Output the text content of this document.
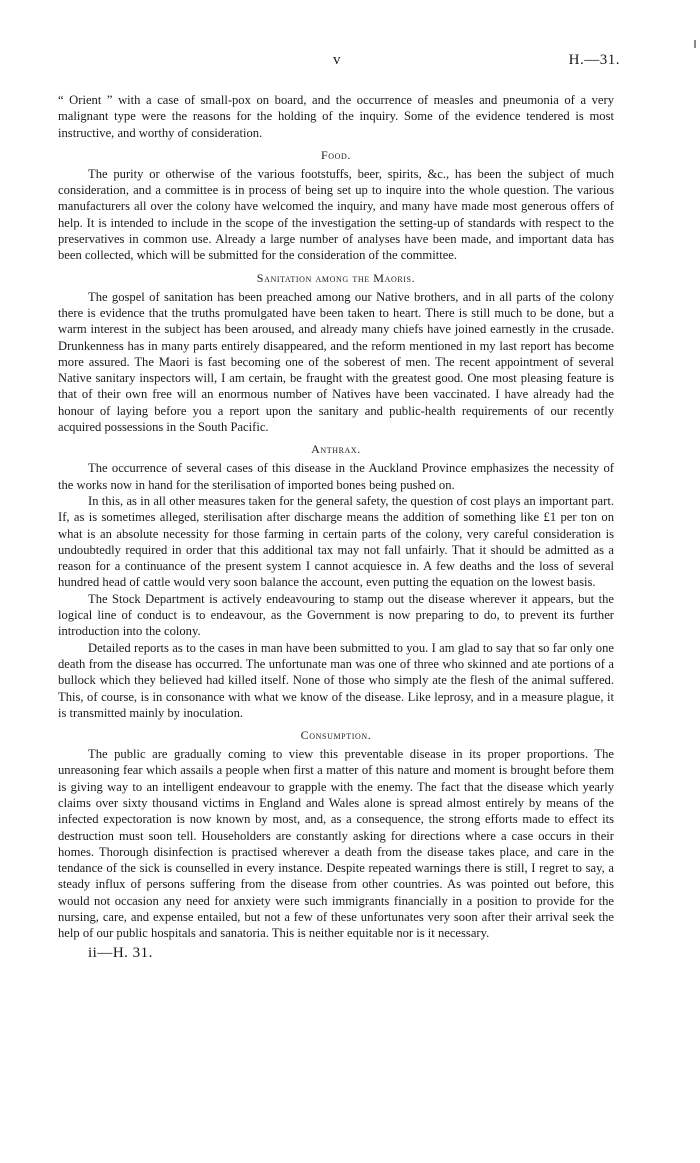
v	H.—31.

“ Orient ” with a case of small-pox on board, and the occurrence of measles and pneumonia of a very malignant type were the reasons for the holding of the inquiry. Some of the evidence tendered is most instructive, and worthy of consideration.

Food.

The purity or otherwise of the various footstuffs, beer, spirits, &c., has been the subject of much consideration, and a committee is in process of being set up to inquire into the whole question. The various manufacturers all over the colony have welcomed the inquiry, and many have made most generous offers of help. It is intended to include in the scope of the investigation the setting-up of standards with respect to the preservatives in common use. Already a large number of analyses have been made, and important data has been collected, which will be submitted for the consideration of the committee.

Sanitation among the Maoris.

The gospel of sanitation has been preached among our Native brothers, and in all parts of the colony there is evidence that the truths promulgated have been taken to heart. There is still much to be done, but a warm interest in the subject has been aroused, and already many chiefs have joined earnestly in the crusade. Drunkenness has in many parts entirely disappeared, and the reform mentioned in my last report has become more assured. The Maori is fast becoming one of the soberest of men. The recent appointment of several Native sanitary inspectors will, I am certain, be fraught with the greatest good. One most pleasing feature is that of their own free will an enormous number of Natives have been vaccinated. I have already had the honour of laying before you a report upon the sanitary and public-health requirements of our recently acquired possessions in the South Pacific.

Anthrax.

The occurrence of several cases of this disease in the Auckland Province emphasizes the necessity of the works now in hand for the sterilisation of imported bones being pushed on.

In this, as in all other measures taken for the general safety, the question of cost plays an important part. If, as is sometimes alleged, sterilisation after discharge means the addition of something like £1 per ton on what is an absolute necessity for those farming in certain parts of the colony, very careful consideration is undoubtedly required in order that this additional tax may not fall unfairly. That it should be admitted as a reason for a continuance of the present system I cannot acquiesce in. A few deaths and the loss of several hundred head of cattle would very soon balance the account, even putting the equation on the lowest basis.

The Stock Department is actively endeavouring to stamp out the disease wherever it appears, but the logical line of conduct is to endeavour, as the Government is now preparing to do, to prevent its further introduction into the colony.

Detailed reports as to the cases in man have been submitted to you. I am glad to say that so far only one death from the disease has occurred. The unfortunate man was one of three who skinned and ate portions of a bullock which they believed had killed itself. None of those who simply ate the flesh of the animal suffered. This, of course, is in consonance with what we know of the disease. Like leprosy, and in a measure plague, it is transmitted mainly by inoculation.

Consumption.

The public are gradually coming to view this preventable disease in its proper proportions. The unreasoning fear which assails a people when first a matter of this nature and moment is brought before them is giving way to an intelligent endeavour to grapple with the enemy. The fact that the disease which yearly claims over sixty thousand victims in England and Wales alone is spread almost entirely by means of the infected expectoration is now known by most, and, as a consequence, the strong efforts made to effect its destruction must soon tell. Householders are constantly asking for directions where a case occurs in their homes. Thorough disinfection is practised wherever a death from the disease takes place, and care in the tendance of the sick is counselled in every instance. Despite repeated warnings there is still, I regret to say, a steady influx of persons suffering from the disease from other countries. As was pointed out before, this would not occasion any need for anxiety were such immigrants financially in a position to provide for the nursing, care, and expense entailed, but not a few of these unfortunates very soon after their arrival seek the help of our public hospitals and sanatoria. This is neither equitable nor is it necessary.

ii—H. 31.
